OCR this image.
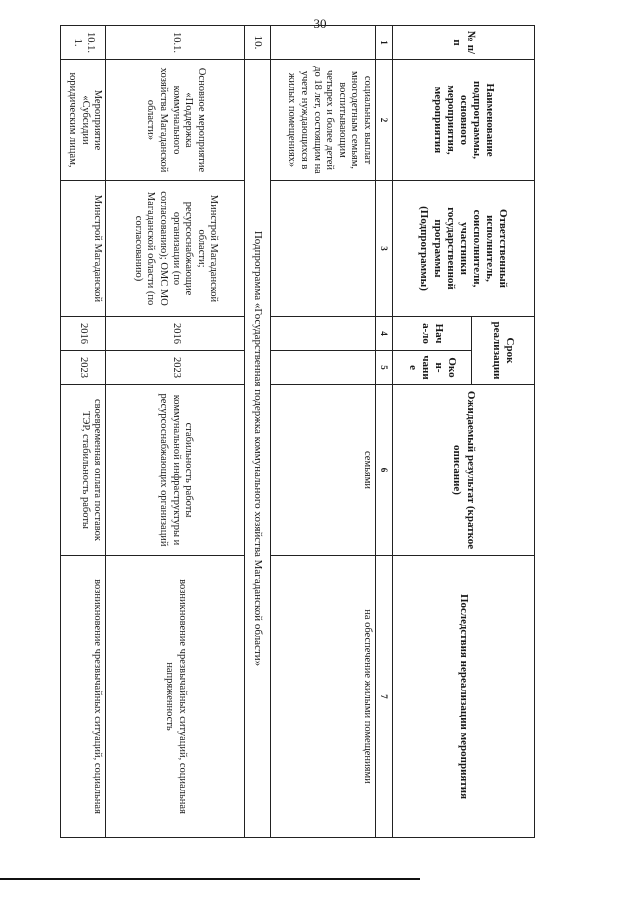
30
№ п/п	Наименование подпрограммы, основного мероприятия, мероприятия	Ответственный исполнитель, соисполнители, участники государственной программы (Подпрограммы)	Срок реализации		Ожидаемый результат (краткое описание)	Последствия нереализации мероприятия
			Нача-ло	Окон-чание		
1	2	3	4	5	6	7
	социальных выплат многодетным семьям, воспитывающим четырех и более детей до 18 лет, состоящим на учете нуждающихся в жилых помещениях»				семьями	на обеспечение жилыми помещениями
10.	Подпрограмма «Государственная подержка коммунального хозяйства Магаданской области»					
10.1.	Основное мероприятие «Поддержка коммунального хозяйства Магаданской области»	Минстрой Магаданской области; ресурсоснабжающие организации (по согласованию); ОМС МО Магаданской области (по согласованию)	2016	2023	стабильность работы коммунальной инфраструктуры и ресурсоснабжающих организаций	возникновение чрезвычайных ситуаций, социальная напряженность
10.1.1.	Мероприятие «Субсидии юридическим лицам,	Минстрой Магаданской	2016	2023	своевременная оплата поставок ТЭР, стабильность работы	возникновение чрезвычайных ситуаций, социальная
